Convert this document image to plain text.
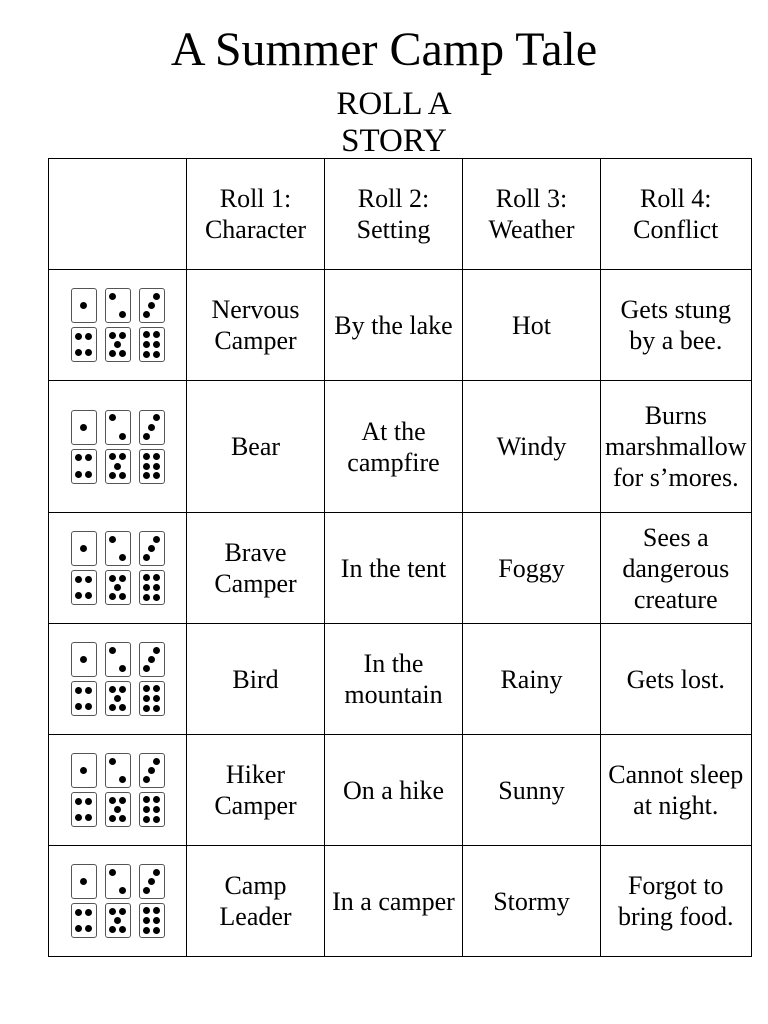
A Summer Camp Tale
ROLL A STORY
	Roll 1: Character	Roll 2: Setting	Roll 3: Weather	Roll 4: Conflict

	Nervous Camper	By the lake	Hot	Gets stung by a bee.

	Bear	At the campfire	Windy	Burns marshmallow for s’mores.

	Brave Camper	In the tent	Foggy	Sees a dangerous creature

	Bird	In the mountain	Rainy	Gets lost.

	Hiker Camper	On a hike	Sunny	Cannot sleep at night.

	Camp Leader	In a camper	Stormy	Forgot to bring food.
